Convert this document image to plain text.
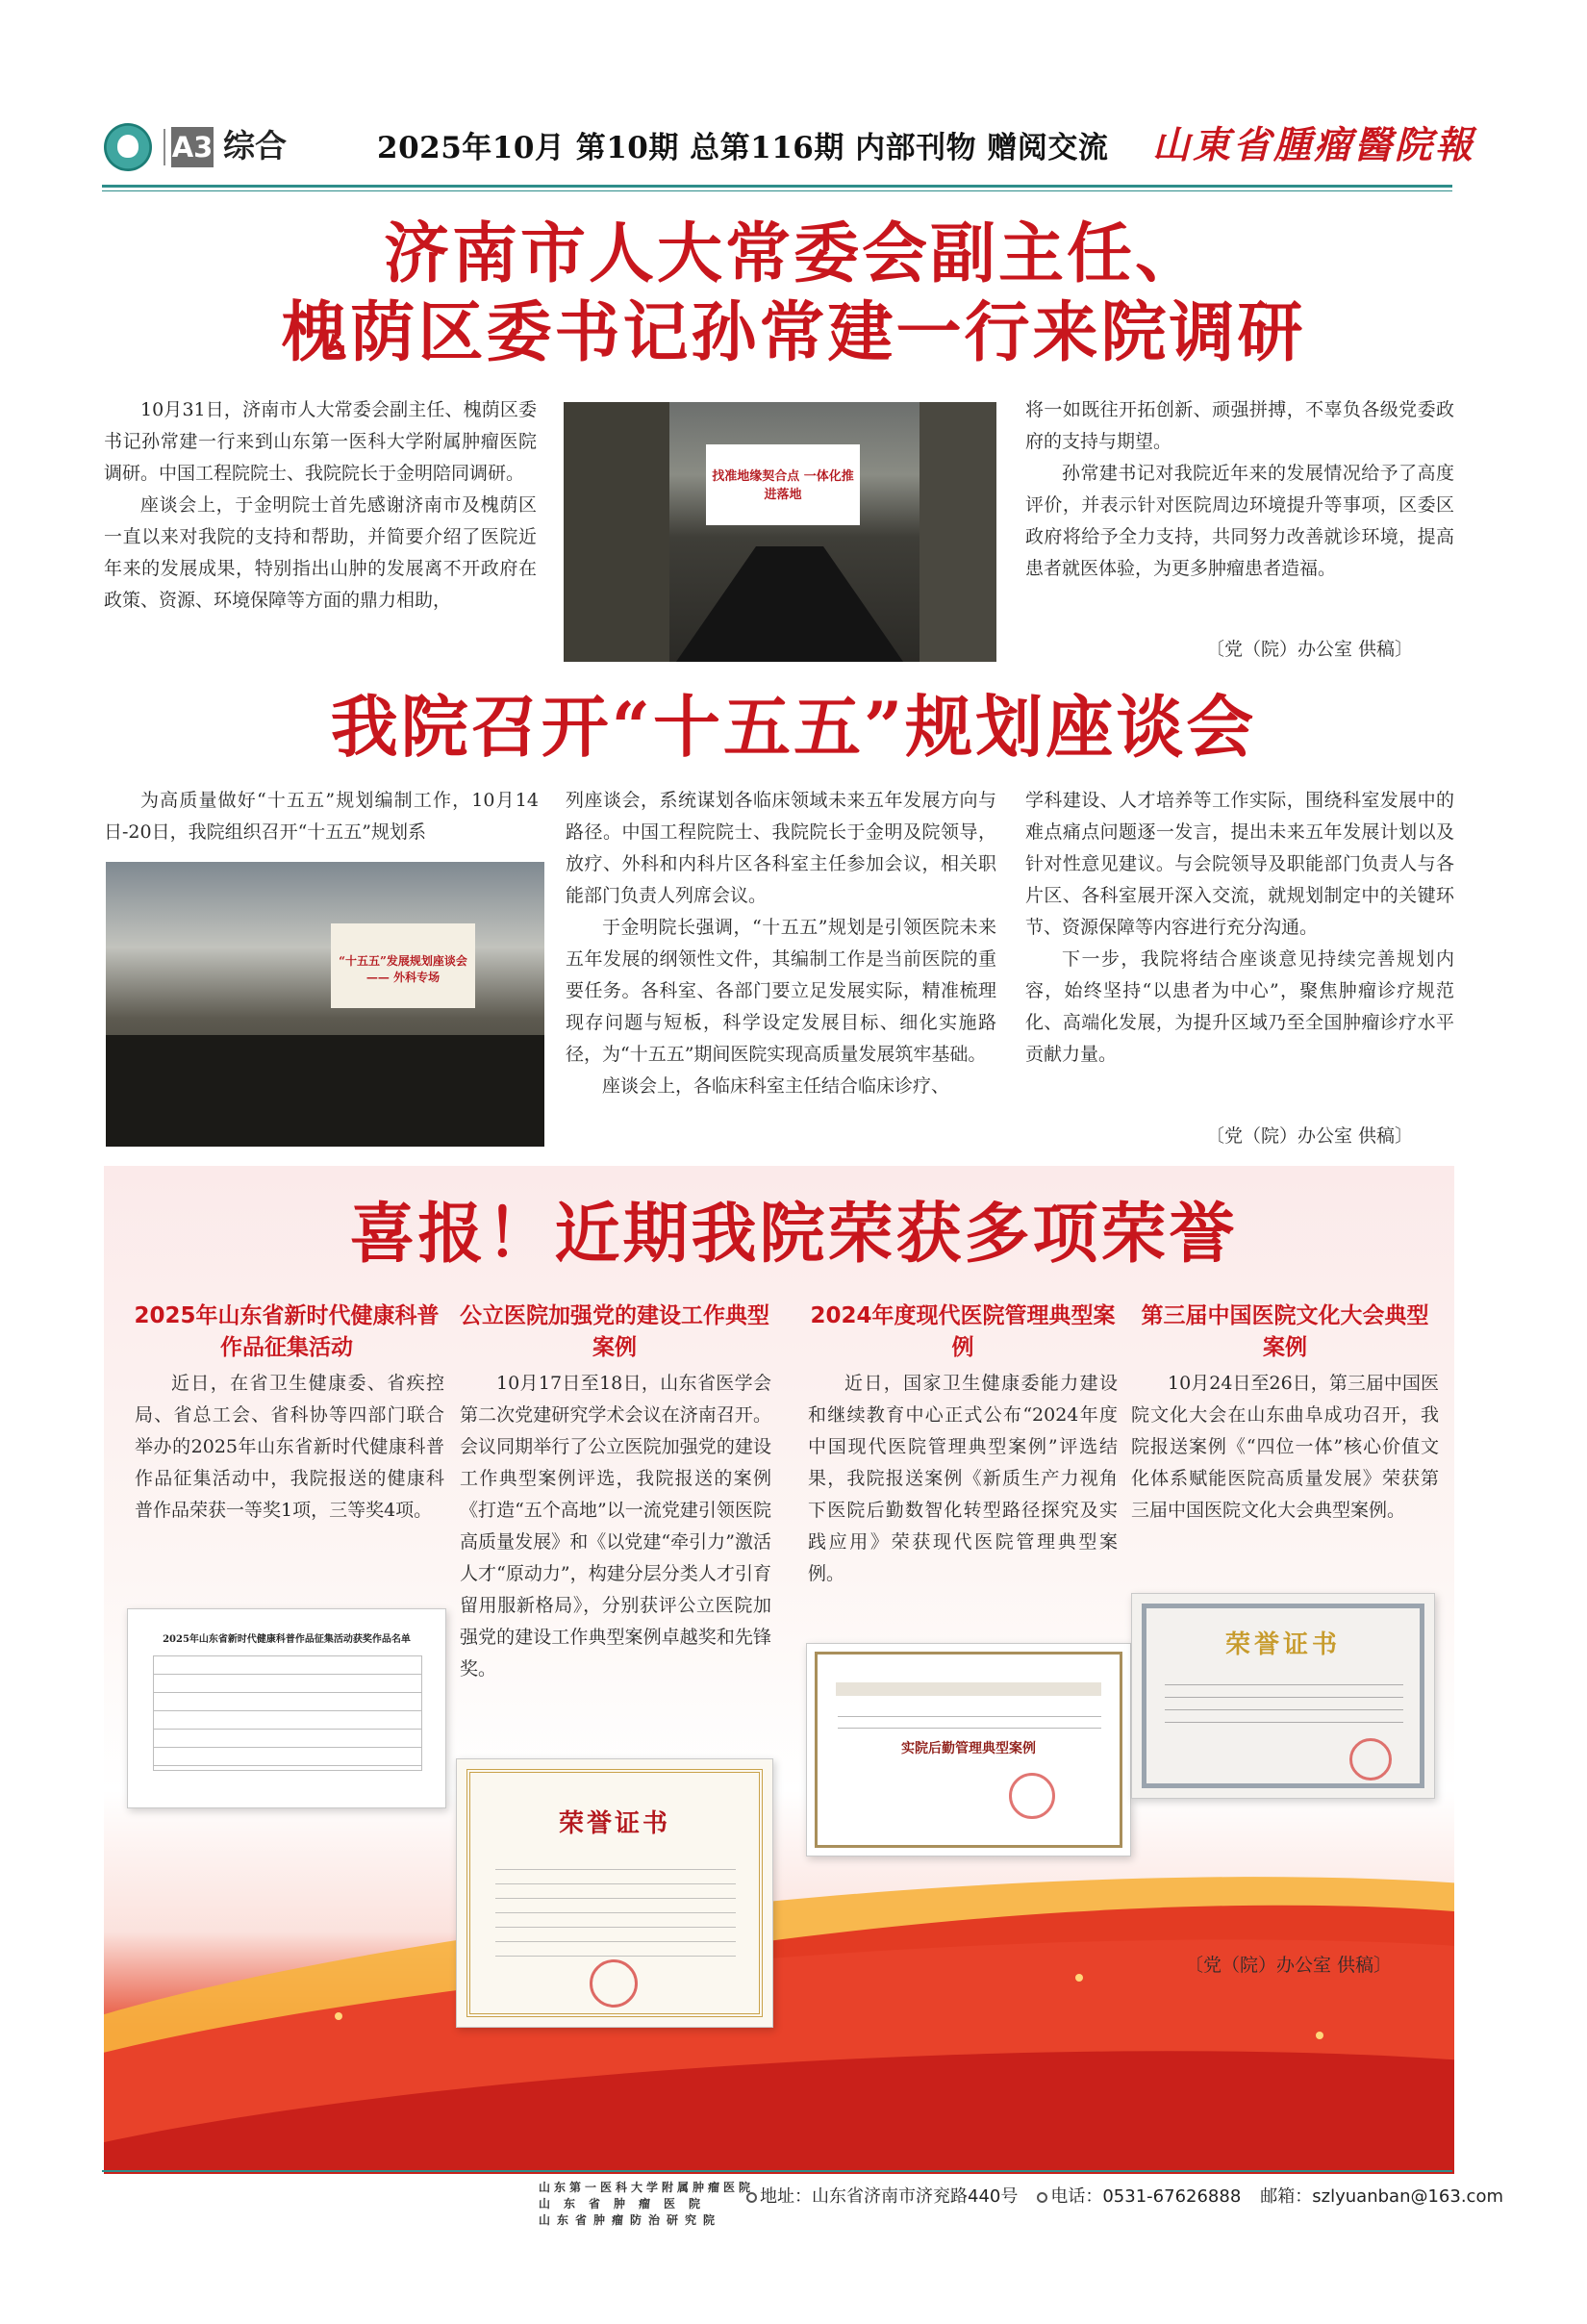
A3 综合	2025年10月 第10期 总第116期 内部刊物 赠阅交流 山東省腫瘤醫院報
济南市人大常委会副主任、
槐荫区委书记孙常建一行来院调研

10月31日，济南市人大常委会副主任、槐荫区委书记孙常建一行来到山东第一医科大学附属肿瘤医院调研。中国工程院院士、我院院长于金明陪同调研。

座谈会上，于金明院士首先感谢济南市及槐荫区一直以来对我院的支持和帮助，并简要介绍了医院近年来的发展成果，特别指出山肿的发展离不开政府在政策、资源、环境保障等方面的鼎力相助，

找准地缘契合点 一体化推进落地

将一如既往开拓创新、顽强拼搏，不辜负各级党委政府的支持与期望。

孙常建书记对我院近年来的发展情况给予了高度评价，并表示针对医院周边环境提升等事项，区委区政府将给予全力支持，共同努力改善就诊环境，提高患者就医体验，为更多肿瘤患者造福。

〔党（院）办公室 供稿〕
我院召开“十五五”规划座谈会

为高质量做好“十五五”规划编制工作，10月14日-20日，我院组织召开“十五五”规划系

“十五五”发展规划座谈会 —— 外科专场

列座谈会，系统谋划各临床领域未来五年发展方向与路径。中国工程院院士、我院院长于金明及院领导，放疗、外科和内科片区各科室主任参加会议，相关职能部门负责人列席会议。

于金明院长强调，“十五五”规划是引领医院未来五年发展的纲领性文件，其编制工作是当前医院的重要任务。各科室、各部门要立足发展实际，精准梳理现存问题与短板，科学设定发展目标、细化实施路径，为“十五五”期间医院实现高质量发展筑牢基础。

座谈会上，各临床科室主任结合临床诊疗、

学科建设、人才培养等工作实际，围绕科室发展中的难点痛点问题逐一发言，提出未来五年发展计划以及针对性意见建议。与会院领导及职能部门负责人与各片区、各科室展开深入交流，就规划制定中的关键环节、资源保障等内容进行充分沟通。

下一步，我院将结合座谈意见持续完善规划内容，始终坚持“以患者为中心”，聚焦肿瘤诊疗规范化、高端化发展，为提升区域乃至全国肿瘤诊疗水平贡献力量。

〔党（院）办公室 供稿〕
喜报！近期我院荣获多项荣誉
2025年山东省新时代健康科普作品征集活动

近日，在省卫生健康委、省疾控局、省总工会、省科协等四部门联合举办的2025年山东省新时代健康科普作品征集活动中，我院报送的健康科普作品荣获一等奖1项，三等奖4项。

公立医院加强党的建设工作典型案例

10月17日至18日，山东省医学会第二次党建研究学术会议在济南召开。会议同期举行了公立医院加强党的建设工作典型案例评选，我院报送的案例《打造“五个高地”以一流党建引领医院高质量发展》和《以党建“牵引力”激活人才“原动力”，构建分层分类人才引育留用服新格局》，分别获评公立医院加强党的建设工作典型案例卓越奖和先锋奖。

2024年度现代医院管理典型案例

近日，国家卫生健康委能力建设和继续教育中心正式公布“2024年度中国现代医院管理典型案例”评选结果，我院报送案例《新质生产力视角下医院后勤数智化转型路径探究及实践应用》荣获现代医院管理典型案例。

第三届中国医院文化大会典型案例

10月24日至26日，第三届中国医院文化大会在山东曲阜成功召开，我院报送案例《“四位一体”核心价值文化体系赋能医院高质量发展》荣获第三届中国医院文化大会典型案例。

2025年山东省新时代健康科普作品征集活动获奖作品名单
荣誉证书
实院后勤管理典型案例
荣誉证书
〔党（院）办公室 供稿〕
山东第一医科大学附属肿瘤医院
山东省肿瘤医院
山东省肿瘤防治研究院
地址：山东省济南市济兖路440号 电话：0531-67626888 邮箱：szlyuanban@163.com
